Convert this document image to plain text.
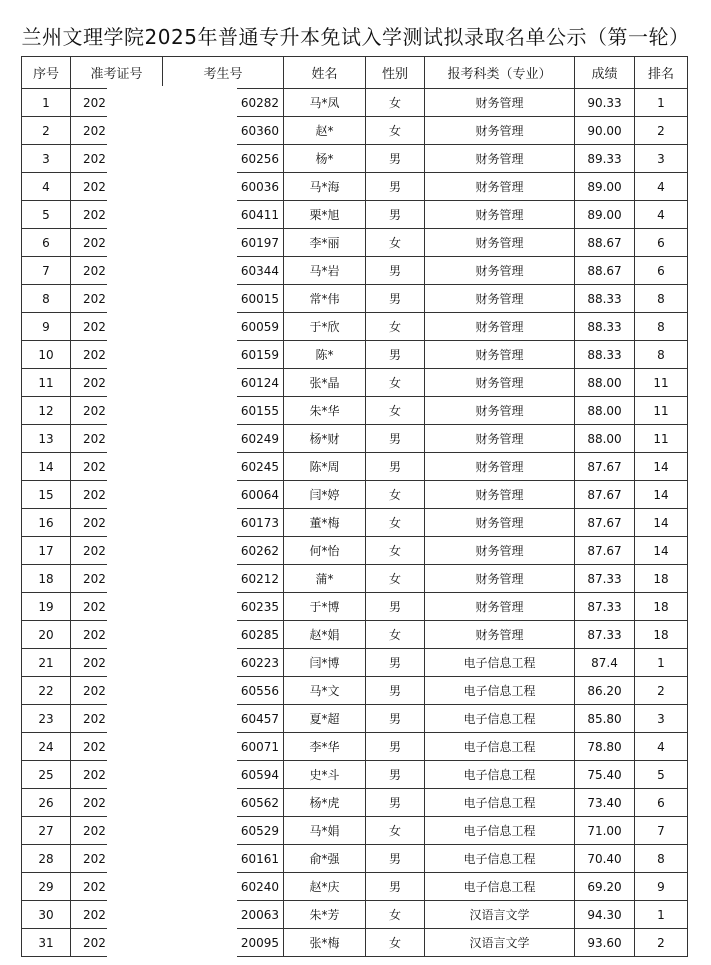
兰州文理学院2025年普通专升本免试入学测试拟录取名单公示（第一轮）
序号	准考证号	考生号	姓名	性别	报考科类（专业）	成绩	排名
1	202	60282	马*凤	女	财务管理	90.33	1
2	202	60360	赵*	女	财务管理	90.00	2
3	202	60256	杨*	男	财务管理	89.33	3
4	202	60036	马*海	男	财务管理	89.00	4
5	202	60411	栗*旭	男	财务管理	89.00	4
6	202	60197	李*丽	女	财务管理	88.67	6
7	202	60344	马*岩	男	财务管理	88.67	6
8	202	60015	常*伟	男	财务管理	88.33	8
9	202	60059	于*欣	女	财务管理	88.33	8
10	202	60159	陈*	男	财务管理	88.33	8
11	202	60124	张*晶	女	财务管理	88.00	11
12	202	60155	朱*华	女	财务管理	88.00	11
13	202	60249	杨*财	男	财务管理	88.00	11
14	202	60245	陈*周	男	财务管理	87.67	14
15	202	60064	闫*婷	女	财务管理	87.67	14
16	202	60173	董*梅	女	财务管理	87.67	14
17	202	60262	何*怡	女	财务管理	87.67	14
18	202	60212	蒲*	女	财务管理	87.33	18
19	202	60235	于*博	男	财务管理	87.33	18
20	202	60285	赵*娟	女	财务管理	87.33	18
21	202	60223	闫*博	男	电子信息工程	87.4	1
22	202	60556	马*文	男	电子信息工程	86.20	2
23	202	60457	夏*超	男	电子信息工程	85.80	3
24	202	60071	李*华	男	电子信息工程	78.80	4
25	202	60594	史*斗	男	电子信息工程	75.40	5
26	202	60562	杨*虎	男	电子信息工程	73.40	6
27	202	60529	马*娟	女	电子信息工程	71.00	7
28	202	60161	俞*强	男	电子信息工程	70.40	8
29	202	60240	赵*庆	男	电子信息工程	69.20	9
30	202	20063	朱*芳	女	汉语言文学	94.30	1
31	202	20095	张*梅	女	汉语言文学	93.60	2
